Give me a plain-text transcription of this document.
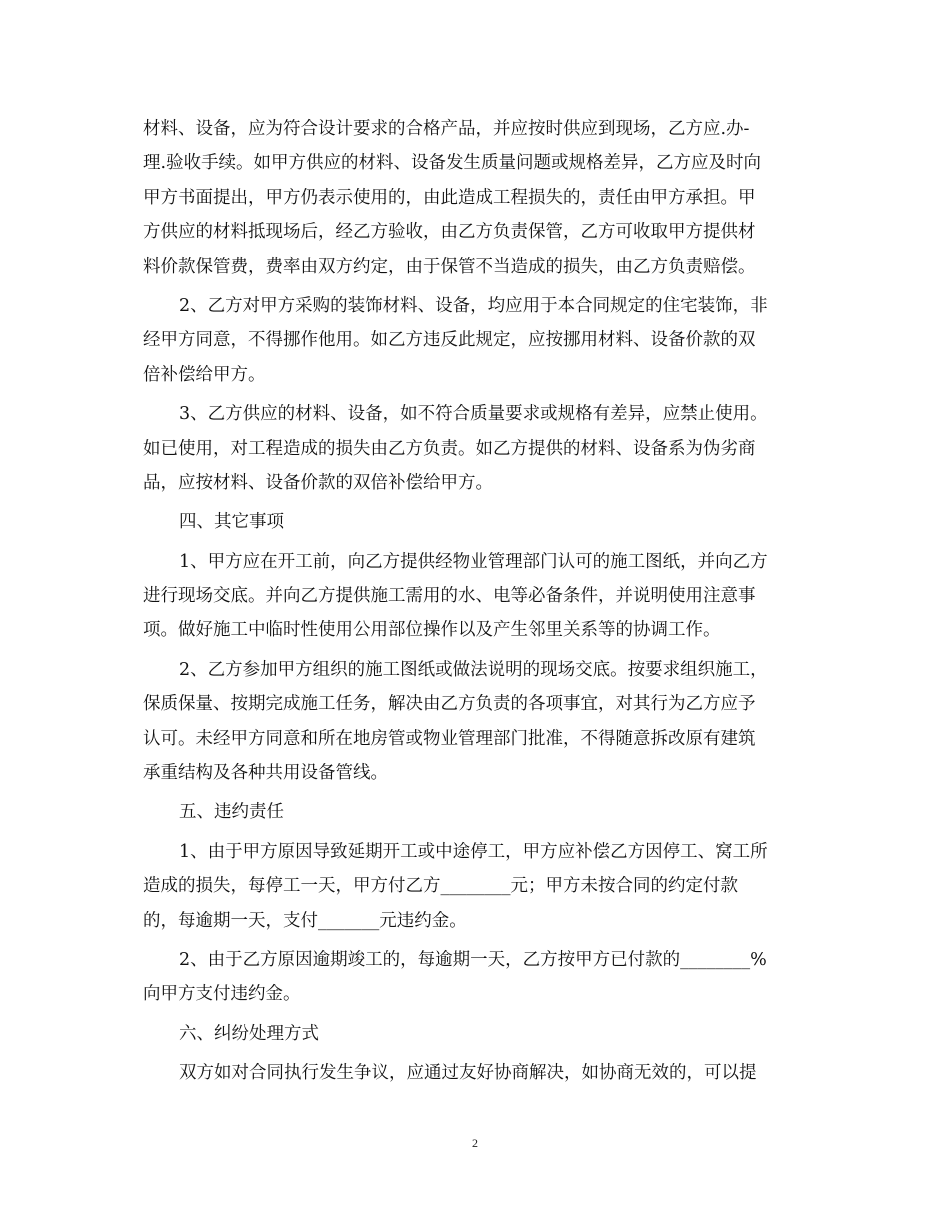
材料、设备，应为符合设计要求的合格产品，并应按时供应到现场，乙方应.办-
理.验收手续。如甲方供应的材料、设备发生质量问题或规格差异，乙方应及时向
甲方书面提出，甲方仍表示使用的，由此造成工程损失的，责任由甲方承担。甲
方供应的材料抵现场后，经乙方验收，由乙方负责保管，乙方可收取甲方提供材
料价款保管费，费率由双方约定，由于保管不当造成的损失，由乙方负责赔偿。
2、乙方对甲方采购的装饰材料、设备，均应用于本合同规定的住宅装饰，非
经甲方同意，不得挪作他用。如乙方违反此规定，应按挪用材料、设备价款的双
倍补偿给甲方。
3、乙方供应的材料、设备，如不符合质量要求或规格有差异，应禁止使用。
如已使用，对工程造成的损失由乙方负责。如乙方提供的材料、设备系为伪劣商
品，应按材料、设备价款的双倍补偿给甲方。
四、其它事项
1、甲方应在开工前，向乙方提供经物业管理部门认可的施工图纸，并向乙方
进行现场交底。并向乙方提供施工需用的水、电等必备条件，并说明使用注意事
项。做好施工中临时性使用公用部位操作以及产生邻里关系等的协调工作。
2、乙方参加甲方组织的施工图纸或做法说明的现场交底。按要求组织施工，
保质保量、按期完成施工任务，解决由乙方负责的各项事宜，对其行为乙方应予
认可。未经甲方同意和所在地房管或物业管理部门批准，不得随意拆改原有建筑
承重结构及各种共用设备管线。
五、违约责任
1、由于甲方原因导致延期开工或中途停工，甲方应补偿乙方因停工、窝工所
造成的损失，每停工一天，甲方付乙方________元；甲方未按合同的约定付款
的，每逾期一天，支付_______元违约金。
2、由于乙方原因逾期竣工的，每逾期一天，乙方按甲方已付款的________%
向甲方支付违约金。
六、纠纷处理方式
双方如对合同执行发生争议，应通过友好协商解决，如协商无效的，可以提
2
